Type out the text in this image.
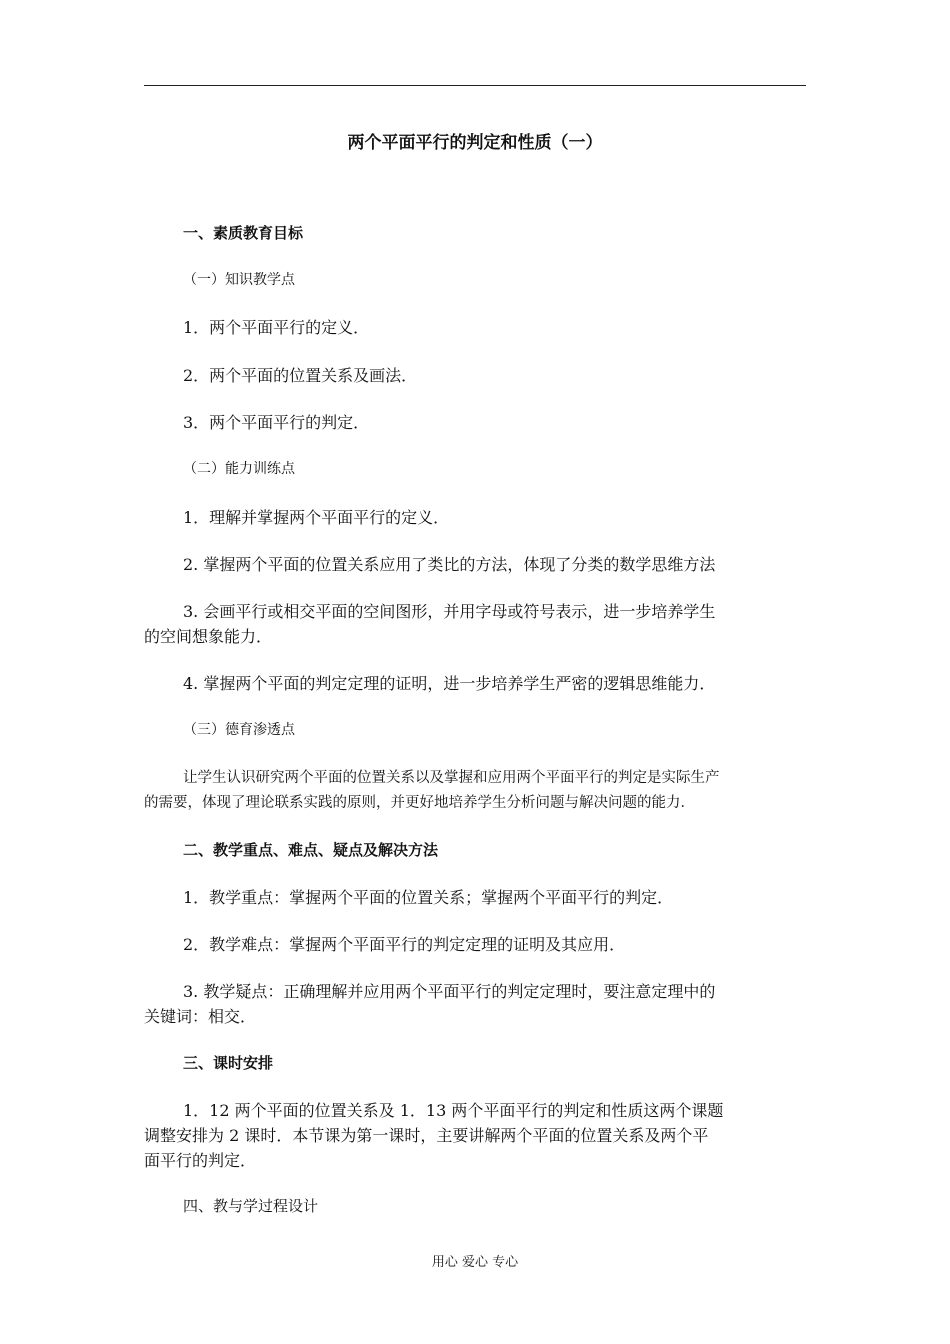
两个平面平行的判定和性质（一）
一、素质教育目标
（一）知识教学点
1．两个平面平行的定义．
2．两个平面的位置关系及画法．
3．两个平面平行的判定．
（二）能力训练点
1．理解并掌握两个平面平行的定义．
2. 掌握两个平面的位置关系应用了类比的方法，体现了分类的数学思维方法
3. 会画平行或相交平面的空间图形，并用字母或符号表示，进一步培养学生
的空间想象能力．
4. 掌握两个平面的判定定理的证明，进一步培养学生严密的逻辑思维能力．
（三）德育渗透点
让学生认识研究两个平面的位置关系以及掌握和应用两个平面平行的判定是实际生产
的需要，体现了理论联系实践的原则，并更好地培养学生分析问题与解决问题的能力．
二、教学重点、难点、疑点及解决方法
1．教学重点：掌握两个平面的位置关系；掌握两个平面平行的判定．
2．教学难点：掌握两个平面平行的判定定理的证明及其应用．
3. 教学疑点：正确理解并应用两个平面平行的判定定理时，要注意定理中的
关键词：相交．
三、课时安排
1．12 两个平面的位置关系及 1．13 两个平面平行的判定和性质这两个课题
调整安排为 2 课时．本节课为第一课时，主要讲解两个平面的位置关系及两个平
面平行的判定．
四、教与学过程设计
用心 爱心 专心
